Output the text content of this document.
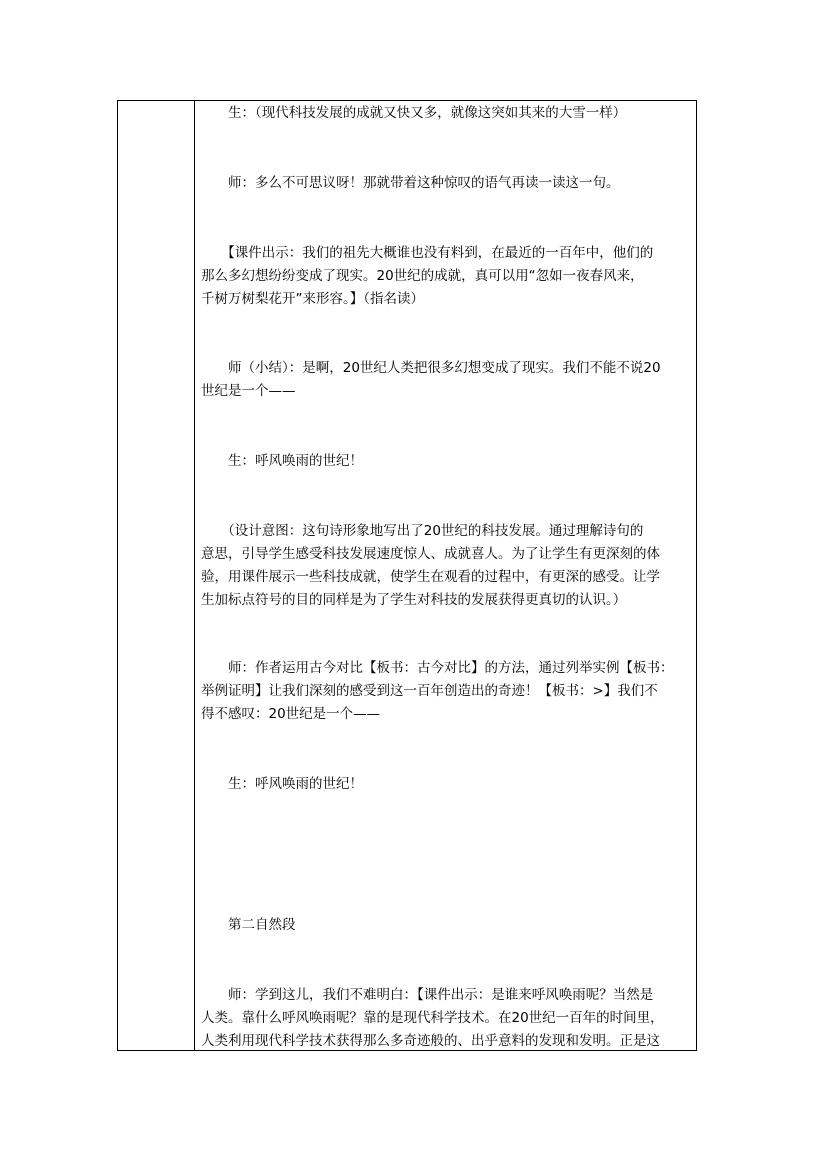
　　生：（现代科技发展的成就又快又多，就像这突如其来的大雪一样）
　　师：多么不可思议呀！那就带着这种惊叹的语气再读一读这一句。
　　【课件出示：我们的祖先大概谁也没有料到，在最近的一百年中，他们的
那么多幻想纷纷变成了现实。20世纪的成就，真可以用“忽如一夜春风来，
千树万树梨花开”来形容。】（指名读）
　　师（小结）：是啊，20世纪人类把很多幻想变成了现实。我们不能不说20
世纪是一个——
　　生：呼风唤雨的世纪！
　　（设计意图：这句诗形象地写出了20世纪的科技发展。通过理解诗句的
意思，引导学生感受科技发展速度惊人、成就喜人。为了让学生有更深刻的体
验，用课件展示一些科技成就，使学生在观看的过程中，有更深的感受。让学
生加标点符号的目的同样是为了学生对科技的发展获得更真切的认识。）
　　师：作者运用古今对比【板书：古今对比】的方法，通过列举实例【板书：
举例证明】让我们深刻的感受到这一百年创造出的奇迹！【板书：>】我们不
得不感叹：20世纪是一个——
　　生：呼风唤雨的世纪！
　　第二自然段
　　师：学到这儿，我们不难明白：【课件出示：是谁来呼风唤雨呢？当然是
人类。靠什么呼风唤雨呢？靠的是现代科学技术。在20世纪一百年的时间里，
人类利用现代科学技术获得那么多奇迹般的、出乎意料的发现和发明。正是这
